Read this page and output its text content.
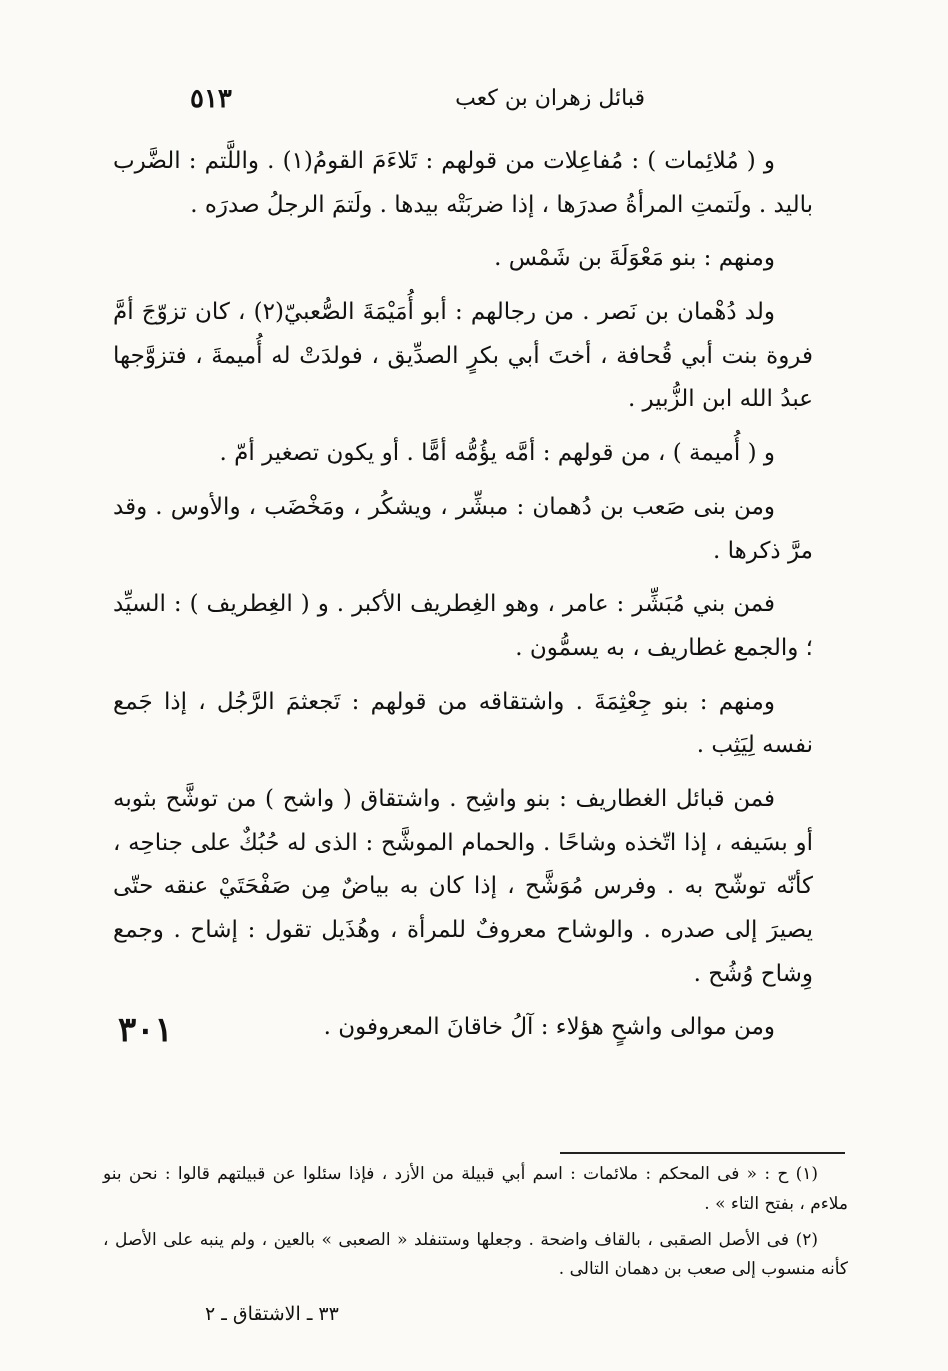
٥١٣	قبائل زهران بن كعب

و ( مُلائِمات ) : مُفاعِلات من قولهم : تَلاءَمَ القومُ(١) . واللَّتم : الضَّرب باليد . ولَتمتِ المرأةُ صدرَها ، إذا ضربَتْه بيدها . ولَتمَ الرجلُ صدرَه .

ومنهم : بنو مَعْوَلَةَ بن شَمْس .

ولد دُهْمان بن نَصر . من رجالهم : أبو أُمَيْمَةَ الصُّعبيّ(٢) ، كان تزوّجَ أمَّ فروة بنت أبي قُحافة ، أختَ أبي بكرٍ الصدِّيق ، فولدَتْ له أُميمةَ ، فتزوَّجها عبدُ الله ابن الزُّبير .

و ( أُميمة ) ، من قولهم : أمَّه يؤُمُّه أمًّا . أو يكون تصغير أمّ .

ومن بنى صَعب بن دُهمان : مبشِّر ، ويشكُر ، ومَخْضَب ، والأوس . وقد مرَّ ذكرها .

فمن بني مُبَشِّر : عامر ، وهو الغِطريف الأكبر . و ( الغِطريف ) : السيِّد ؛ والجمع غطاريف ، به يسمُّون .

ومنهم : بنو جِعْثِمَةَ . واشتقاقه من قولهم : تَجعثمَ الرَّجُل ، إذا جَمع نفسه لِيَثِب .

فمن قبائل الغطاريف : بنو واشِح . واشتقاق ( واشح ) من توشَّح بثوبه أو بسَيفه ، إذا اتّخذه وشاحًا . والحمام الموشَّح : الذى له حُبُكٌ على جناحِه ، كأنّه توشّح به . وفرس مُوَشَّح ، إذا كان به بياضٌ مِن صَفْحَتَيْ عنقه حتّى يصيرَ إلى صدره . والوشاح معروفٌ للمرأة ، وهُذَيل تقول : إشاح . وجمع وِشاح وُشُح .

ومن موالى واشحٍ هؤلاء : آلُ خاقانَ المعروفون .

٣٠١

(١) ح : « فى المحكم : ملائمات : اسم أبي قبيلة من الأزد ، فإذا سئلوا عن قبيلتهم قالوا : نحن بنو ملاءم ، بفتح التاء » .

(٢) فى الأصل الصقبى ، بالقاف واضحة . وجعلها وستنفلد « الصعبى » بالعين ، ولم ينبه على الأصل ، كأنه منسوب إلى صعب بن دهمان التالى .

٣٣ ـ الاشتقاق ـ ٢
